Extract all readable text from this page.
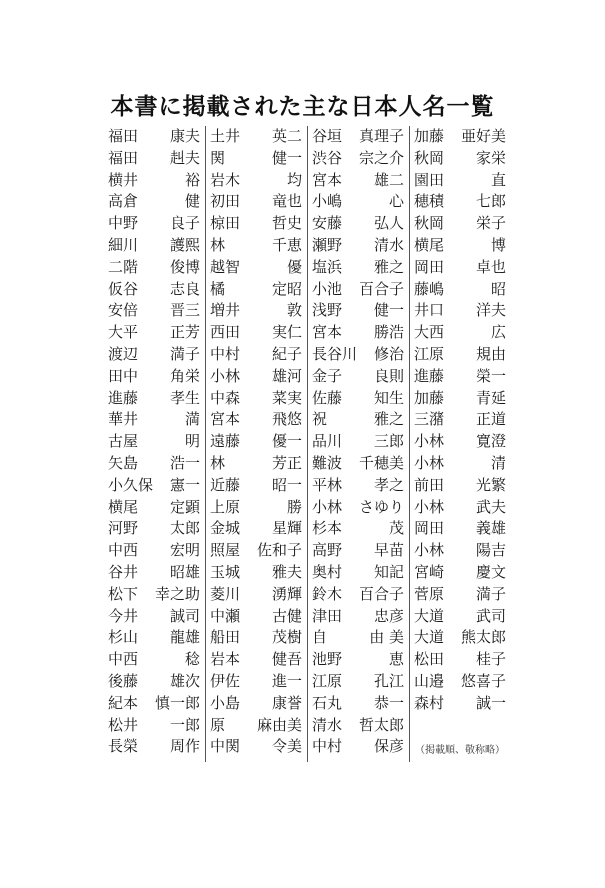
本書に掲載された主な日本人名一覧
福田 康夫
福田 赳夫
横井	裕
高倉	健
中野 良子
細川 護熙
二階 俊博
仮谷 志良
安倍 晋三
大平 正芳
渡辺 満子
田中 角栄
進藤 孝生
華井	満
古屋	明
矢島 浩一
小久保 憲一
横尾 定顕
河野 太郎
中西 宏明
谷井 昭雄
松下 幸之助
今井 誠司
杉山 龍雄
中西	稔
後藤 雄次
紀本 慎一郎
松井 一郎
長榮 周作
土井 英二
関	健一
岩木	均
初田 竜也
椋田 哲史
林	千恵
越智	優
橘	定昭
増井	敦
西田 実仁
中村 紀子
小林 雄河
中森 菜実
宮本 飛悠
遠藤 優一
林	芳正
近藤 昭一
上原	勝
金城 星輝
照屋 佐和子
玉城 雅夫
菱川 湧輝
中瀬 古健
船田 茂樹
岩本 健吾
伊佐 進一
小島 康誉
原 麻由美
中関 令美
谷垣 真理子
渋谷 宗之介
宮本 雄二
小嶋	心
安藤 弘人
瀬野 清水
塩浜 雅之
小池 百合子
浅野 健一
宮本 勝浩
長谷川 修治
金子 良則
佐藤 知生
祝	雅之
品川 三郎
難波 千穂美
平林 孝之
小林 さゆり
杉本	茂
高野 早苗
奥村 知記
鈴木 百合子
津田 忠彦
自	由 美
池野	恵
江原 孔江
石丸 恭一
清水 哲太郎
中村 保彦
加藤 亜好美
秋岡 家栄
園田	直
穂積 七郎
秋岡 栄子
横尾	博
岡田 卓也
藤嶋	昭
井口 洋夫
大西	広
江原 規由
進藤 榮一
加藤 青延
三潴 正道
小林 寛澄
小林	清
前田 光繁
小林 武夫
岡田 義雄
小林 陽吉
宮崎 慶文
菅原 満子
大道 武司
大道 熊太郎
松田 桂子
山邉 悠喜子
森村 誠一
（掲載順、敬称略）
